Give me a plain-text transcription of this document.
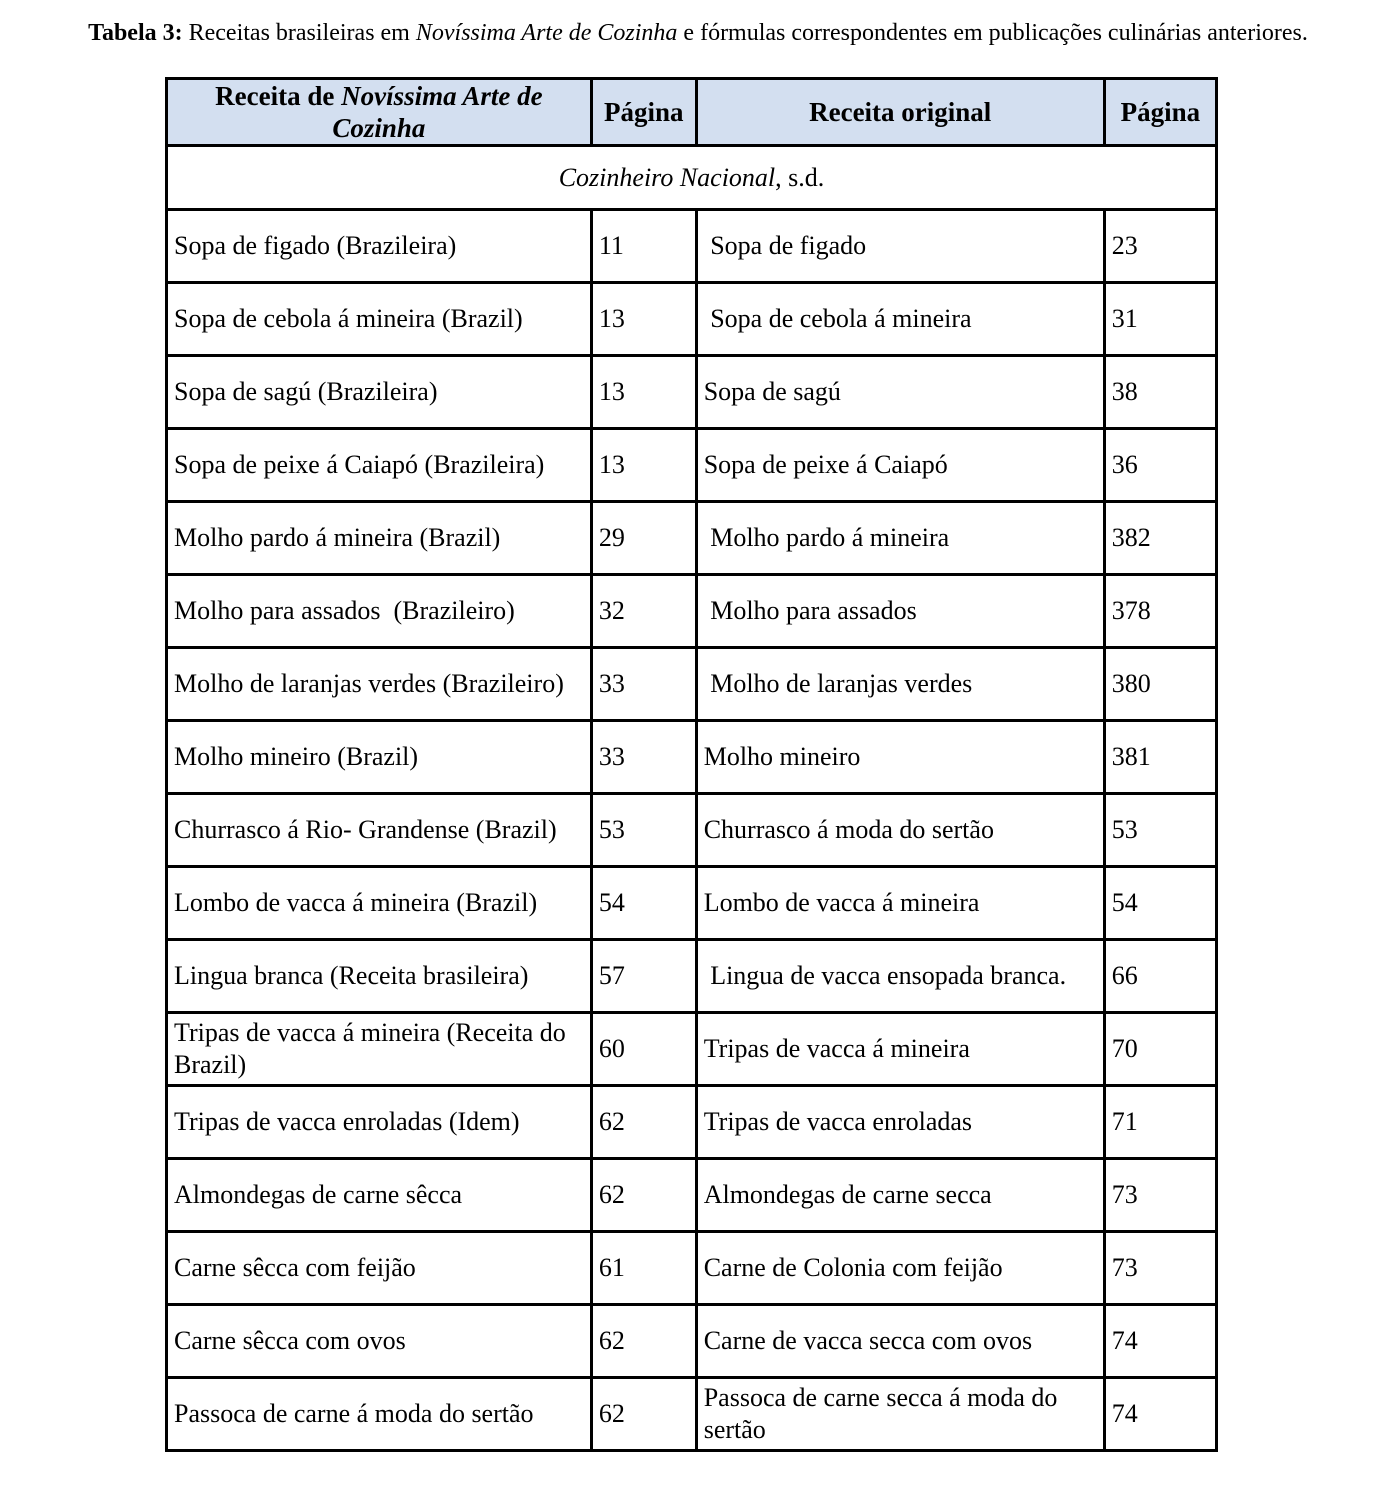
Tabela 3: Receitas brasileiras em Novíssima Arte de Cozinha e fórmulas correspondentes em publicações culinárias anteriores.
Receita de Novíssima Arte de Cozinha	Página	Receita original	Página
Cozinheiro Nacional, s.d.			
Sopa de figado (Brazileira)	11	Sopa de figado	23
Sopa de cebola á mineira (Brazil)	13	Sopa de cebola á mineira	31
Sopa de sagú (Brazileira)	13	Sopa de sagú	38
Sopa de peixe á Caiapó (Brazileira)	13	Sopa de peixe á Caiapó	36
Molho pardo á mineira (Brazil)	29	Molho pardo á mineira	382
Molho para assados  (Brazileiro)	32	Molho para assados	378
Molho de laranjas verdes (Brazileiro)	33	Molho de laranjas verdes	380
Molho mineiro (Brazil)	33	Molho mineiro	381
Churrasco á Rio- Grandense (Brazil)	53	Churrasco á moda do sertão	53
Lombo de vacca á mineira (Brazil)	54	Lombo de vacca á mineira	54
Lingua branca (Receita brasileira)	57	Lingua de vacca ensopada branca.	66
Tripas de vacca á mineira (Receita do Brazil)	60	Tripas de vacca á mineira	70
Tripas de vacca enroladas (Idem)	62	Tripas de vacca enroladas	71
Almondegas de carne sêcca	62	Almondegas de carne secca	73
Carne sêcca com feijão	61	Carne de Colonia com feijão	73
Carne sêcca com ovos	62	Carne de vacca secca com ovos	74
Passoca de carne á moda do sertão	62	Passoca de carne secca á moda do sertão	74
